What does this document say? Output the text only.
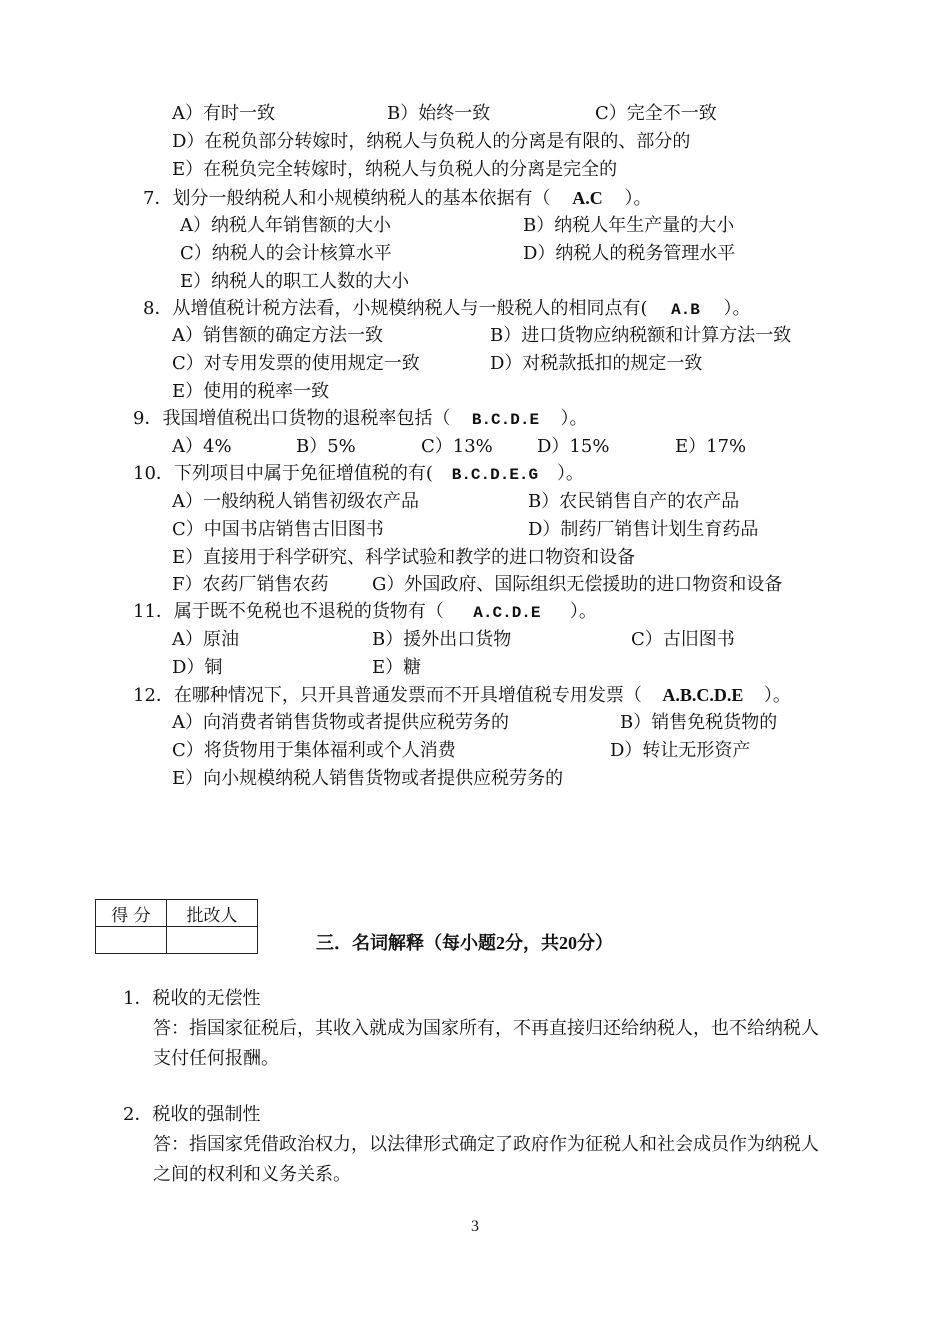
A）有时一致	B）始终一致	C）完全不一致
D）在税负部分转嫁时，纳税人与负税人的分离是有限的、部分的
E）在税负完全转嫁时，纳税人与负税人的分离是完全的
7．划分一般纳税人和小规模纳税人的基本依据有（ A.C ）。
A）纳税人年销售额的大小	B）纳税人年生产量的大小
C）纳税人的会计核算水平	D）纳税人的税务管理水平
E）纳税人的职工人数的大小
8．从增值税计税方法看，小规模纳税人与一般税人的相同点有( A.B ）。
A）销售额的确定方法一致	B）进口货物应纳税额和计算方法一致
C）对专用发票的使用规定一致	D）对税款抵扣的规定一致
E）使用的税率一致
9．我国增值税出口货物的退税率包括（ B.C.D.E ）。
A）4%	B）5%	C）13% D）15%	E）17%
10．下列项目中属于免征增值税的有( B.C.D.E.G ）。
A）一般纳税人销售初级农产品	B）农民销售自产的农产品
C）中国书店销售古旧图书	D）制药厂销售计划生育药品
E）直接用于科学研究、科学试验和教学的进口物资和设备
F）农药厂销售农药 G）外国政府、国际组织无偿援助的进口物资和设备
11．属于既不免税也不退税的货物有（ A.C.D.E ）。
A）原油	B）援外出口货物	C）古旧图书
D）铜	E）糖
12．在哪种情况下，只开具普通发票而不开具增值税专用发票（ A.B.C.D.E ）。
A）向消费者销售货物或者提供应税劳务的	B）销售免税货物的
C）将货物用于集体福利或个人消费	D）转让无形资产
E）向小规模纳税人销售货物或者提供应税劳务的
得 分	批改人

三．名词解释（每小题2分，共20分）
1．税收的无偿性
答：指国家征税后，其收入就成为国家所有，不再直接归还给纳税人，也不给纳税人
支付任何报酬。
2．税收的强制性
答：指国家凭借政治权力，以法律形式确定了政府作为征税人和社会成员作为纳税人
之间的权利和义务关系。
3
